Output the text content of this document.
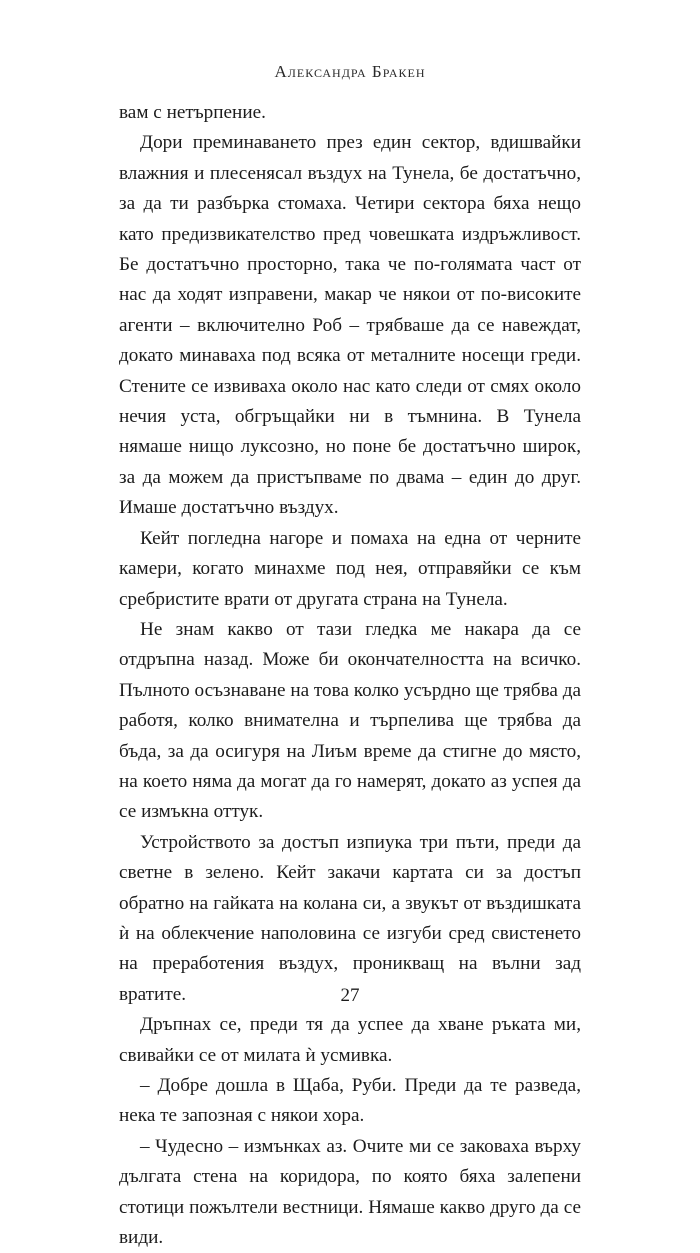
Александра Бракен

вам с нетърпение.

Дори преминаването през един сектор, вдишвайки влажния и плесенясал въздух на Тунела, бе достатъчно, за да ти разбърка стомаха. Четири сектора бяха нещо като предизвикателство пред човешката издръжливост. Бе достатъчно просторно, така че по-голямата част от нас да ходят изправени, макар че някои от по-високите агенти – включително Роб – трябваше да се навеждат, докато минаваха под всяка от металните носещи греди. Стените се извиваха около нас като следи от смях около нечия уста, обгръщайки ни в тъмнина. В Тунела нямаше нищо луксозно, но поне бе достатъчно широк, за да можем да пристъпваме по двама – един до друг. Имаше достатъчно въздух.

Кейт погледна нагоре и помаха на една от черните камери, когато минахме под нея, отправяйки се към сребристите врати от другата страна на Тунела.

Не знам какво от тази гледка ме накара да се отдръпна назад. Може би окончателността на всичко. Пълното осъзнаване на това колко усърдно ще трябва да работя, колко внимателна и търпелива ще трябва да бъда, за да осигуря на Лиъм време да стигне до място, на което няма да могат да го намерят, докато аз успея да се измъкна оттук.

Устройството за достъп изпиука три пъти, преди да светне в зелено. Кейт закачи картата си за достъп обратно на гайката на колана си, а звукът от въздишката ѝ на облекчение наполовина се изгуби сред свистенето на преработения въздух, проникващ на вълни зад вратите.

Дръпнах се, преди тя да успее да хване ръката ми, свивайки се от милата ѝ усмивка.

– Добре дошла в Щаба, Руби. Преди да те разведа, нека те запозная с някои хора.

– Чудесно – измънках аз. Очите ми се заковаха върху дългата стена на коридора, по която бяха залепени стотици пожълтели вестници. Нямаше какво друго да се види.

27
